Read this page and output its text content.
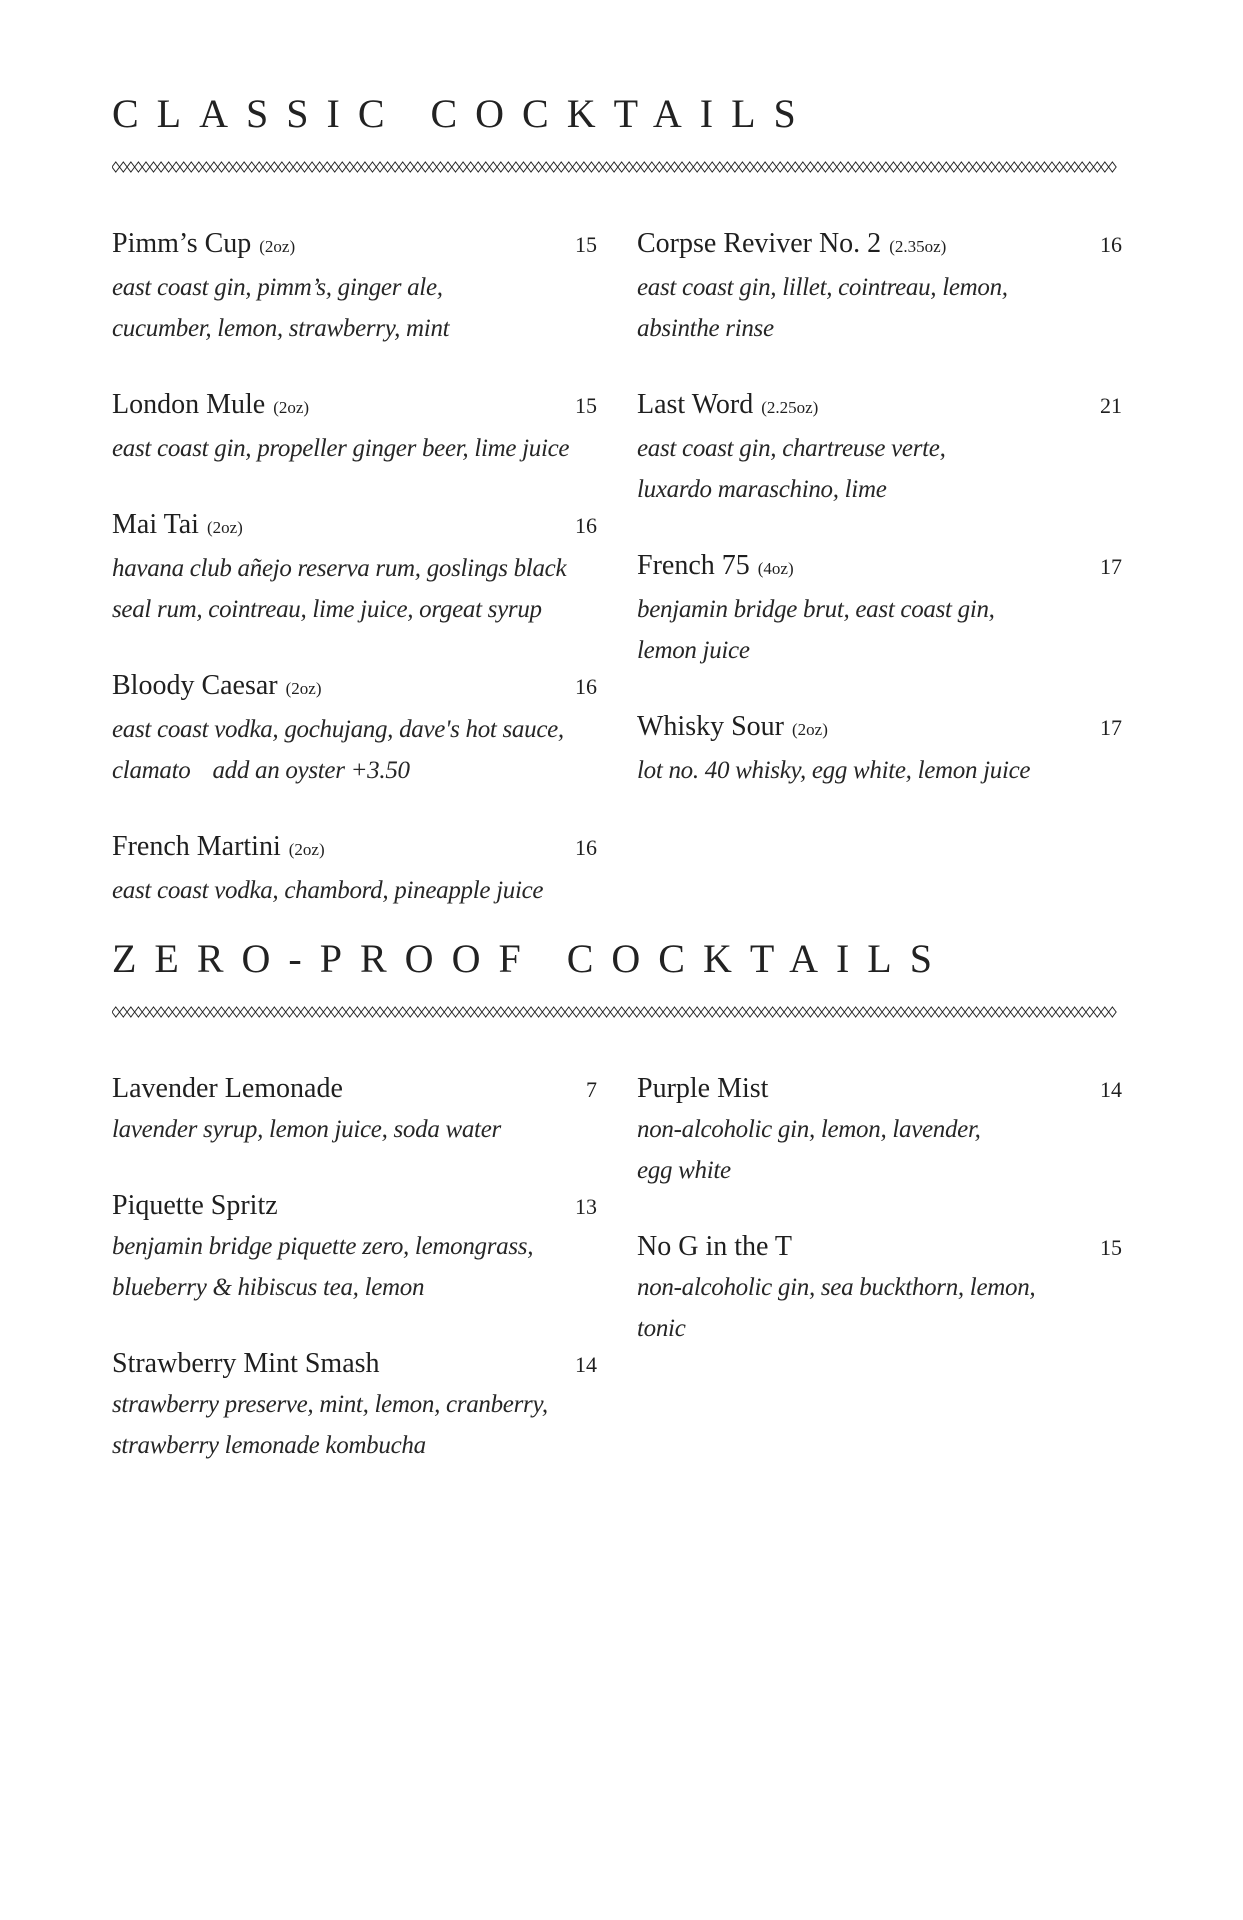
CLASSIC COCKTAILS
Pimm’s Cup (2oz)	15
east coast gin, pimm’s, ginger ale,
cucumber, lemon, strawberry, mint
London Mule (2oz)	15
east coast gin, propeller ginger beer, lime juice
Mai Tai (2oz)	16
havana club añejo reserva rum, goslings black
seal rum, cointreau, lime juice, orgeat syrup
Bloody Caesar (2oz)	16
east coast vodka, gochujang, dave's hot sauce,
clamato add an oyster +3.50
French Martini (2oz)	16
east coast vodka, chambord, pineapple juice
Corpse Reviver No. 2 (2.35oz)	16
east coast gin, lillet, cointreau, lemon,
absinthe rinse
Last Word (2.25oz)	21
east coast gin, chartreuse verte,
luxardo maraschino, lime
French 75 (4oz)	17
benjamin bridge brut, east coast gin,
lemon juice
Whisky Sour (2oz)	17
lot no. 40 whisky, egg white, lemon juice
ZERO-PROOF COCKTAILS
Lavender Lemonade	7
lavender syrup, lemon juice, soda water
Piquette Spritz	13
benjamin bridge piquette zero, lemongrass,
blueberry & hibiscus tea, lemon
Strawberry Mint Smash	14
strawberry preserve, mint, lemon, cranberry,
strawberry lemonade kombucha
Purple Mist	14
non-alcoholic gin, lemon, lavender,
egg white
No G in the T	15
non-alcoholic gin, sea buckthorn, lemon,
tonic
